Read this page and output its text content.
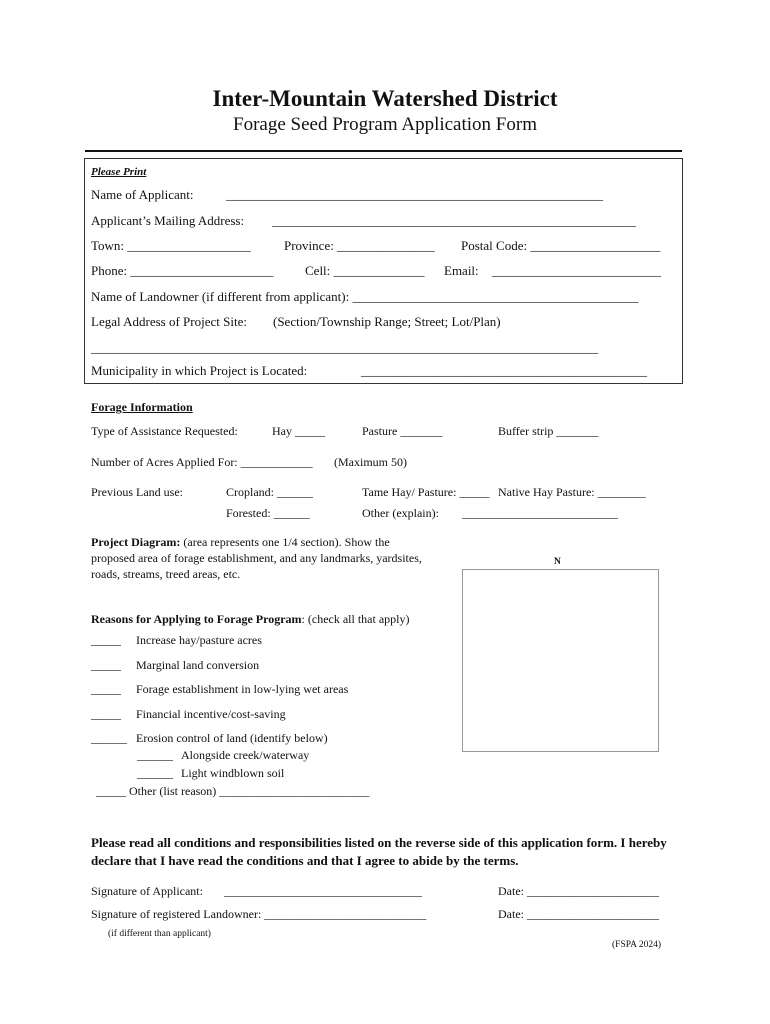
Inter-Mountain Watershed District
Forage Seed Program Application Form
Please Print
Name of Applicant: __________________________________________________________
Applicant’s Mailing Address: ________________________________________________________
Town: ___________________	Province: _______________ Postal Code: ____________________
Phone: ______________________ Cell: ______________ Email: __________________________
Name of Landowner (if different from applicant): ____________________________________________
Legal Address of Project Site: (Section/Township Range; Street; Lot/Plan)
______________________________________________________________________________
Municipality in which Project is Located:	____________________________________________
Forage Information
Type of Assistance Requested:	Hay _____	Pasture _______	Buffer strip _______
Number of Acres Applied For: ____________ (Maximum 50)
Previous Land use:	Cropland: ______	Tame Hay/ Pasture: _____ Native Hay Pasture: ________
Forested: ______	Other (explain): __________________________
Project Diagram: (area represents one 1/4 section). Show the
proposed area of forage establishment, and any landmarks, yardsites,
roads, streams, treed areas, etc.
N
Reasons for Applying to Forage Program: (check all that apply)
_____ Increase hay/pasture acres
_____ Marginal land conversion
_____ Forage establishment in low-lying wet areas
_____ Financial incentive/cost-saving
______ Erosion control of land (identify below)
______ Alongside creek/waterway
______ Light windblown soil
_____ Other (list reason) _________________________
Please read all conditions and responsibilities listed on the reverse side of this application form. I hereby declare that I have read the conditions and that I agree to abide by the terms.
Signature of Applicant: _________________________________	Date: ______________________
Signature of registered Landowner: ___________________________	Date: ______________________
(if different than applicant)
(FSPA 2024)
